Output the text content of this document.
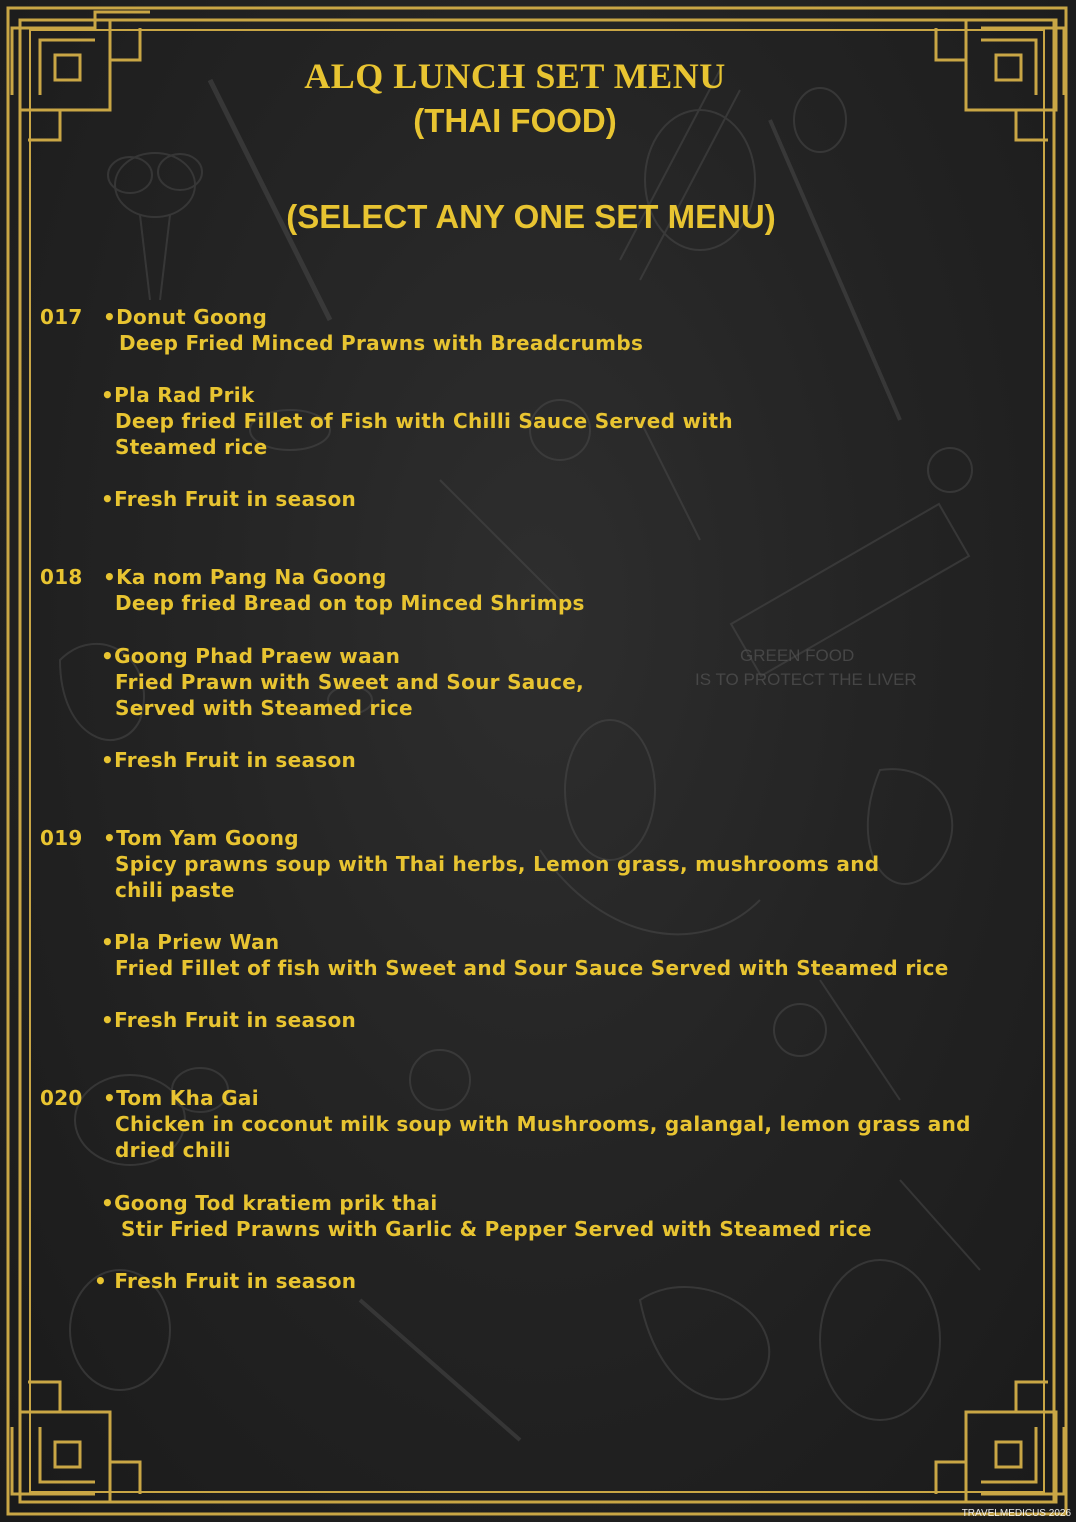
GREEN FOOD
IS TO PROTECT THE LIVER
ALQ LUNCH SET MENU
(THAI FOOD)
(SELECT ANY ONE SET MENU)
017 •Donut Goong
Deep Fried Minced Prawns with Breadcrumbs
•Pla Rad Prik
Deep fried Fillet of Fish with Chilli Sauce Served with
Steamed rice
•Fresh Fruit in season
018 •Ka nom Pang Na Goong
Deep fried Bread on top Minced Shrimps
•Goong Phad Praew waan
Fried Prawn with Sweet and Sour Sauce,
Served with Steamed rice
•Fresh Fruit in season
019 •Tom Yam Goong
Spicy prawns soup with Thai herbs, Lemon grass, mushrooms and
chili paste
•Pla Priew Wan
Fried Fillet of fish with Sweet and Sour Sauce Served with Steamed rice
•Fresh Fruit in season
020 •Tom Kha Gai
Chicken in coconut milk soup with Mushrooms, galangal, lemon grass and
dried chili
•Goong Tod kratiem prik thai
Stir Fried Prawns with Garlic & Pepper Served with Steamed rice
• Fresh Fruit in season
TRAVELMEDICUS 2026
